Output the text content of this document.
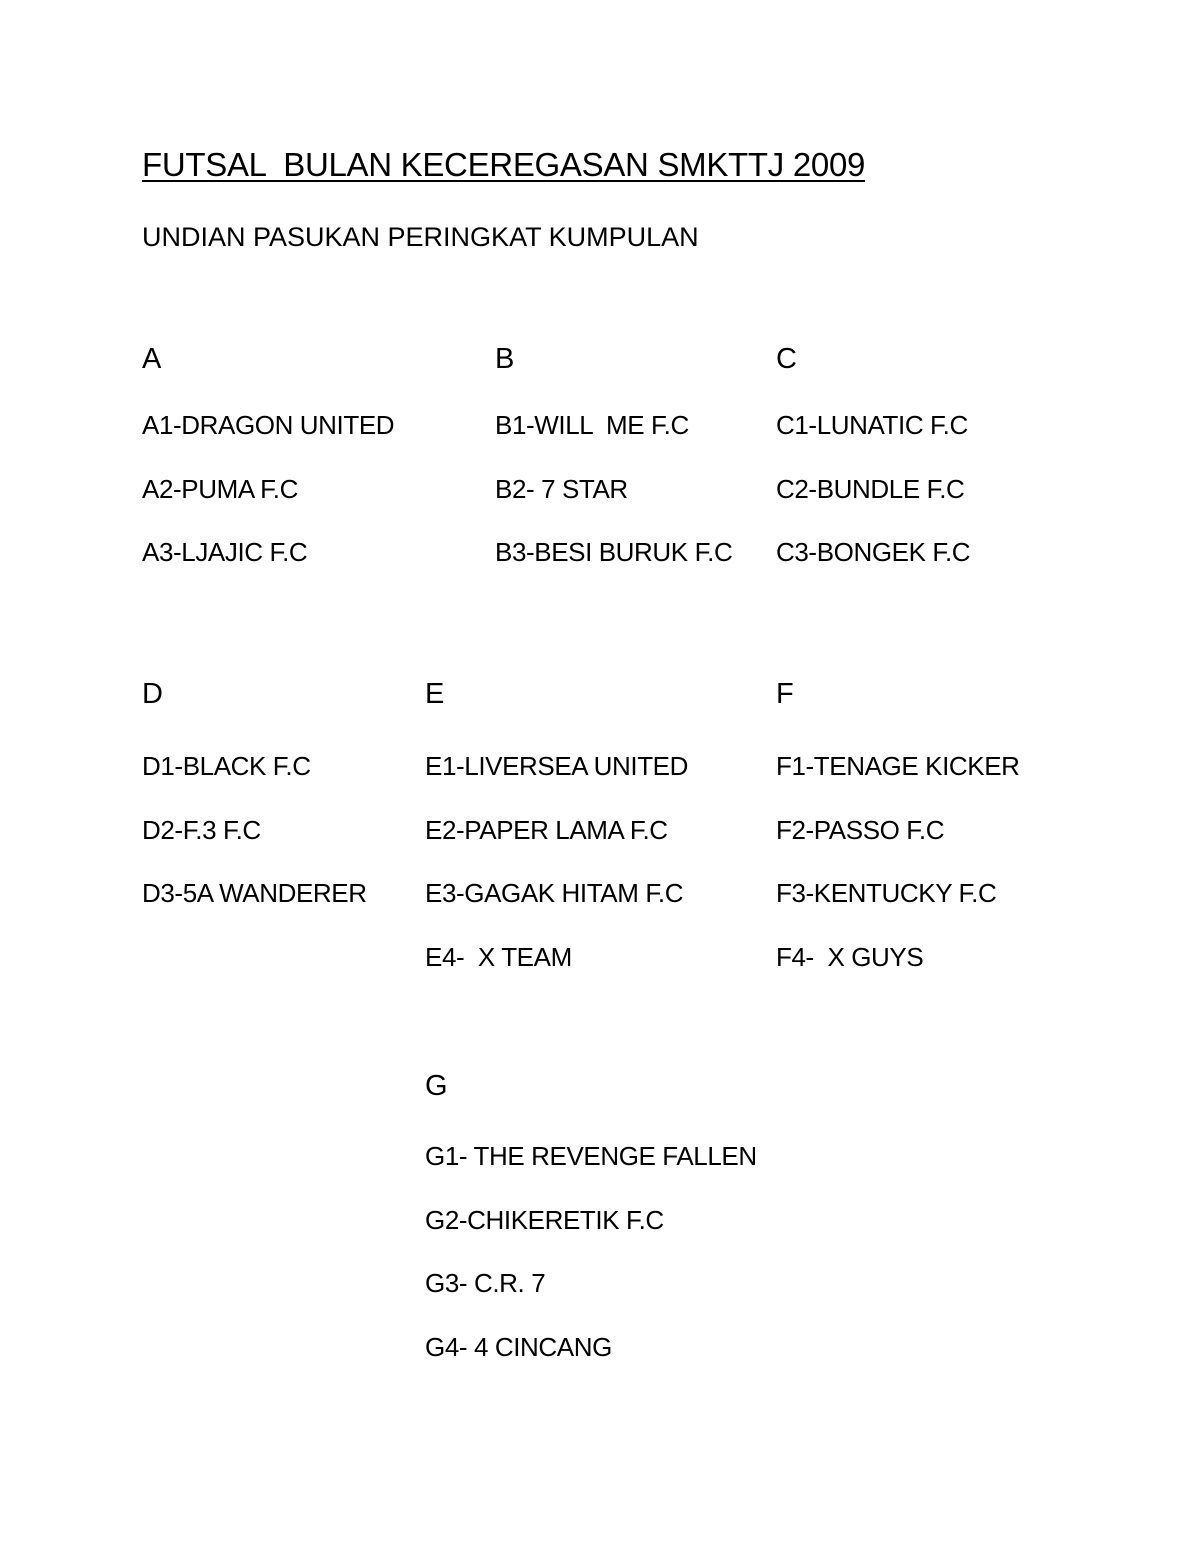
FUTSAL  BULAN KECEREGASAN SMKTTJ 2009
UNDIAN PASUKAN PERINGKAT KUMPULAN
A
A1-DRAGON UNITED
A2-PUMA F.C
A3-LJAJIC F.C
B
B1-WILL  ME F.C
B2- 7 STAR
B3-BESI BURUK F.C
C
C1-LUNATIC F.C
C2-BUNDLE F.C
C3-BONGEK F.C
D
D1-BLACK F.C
D2-F.3 F.C
D3-5A WANDERER
E
E1-LIVERSEA UNITED
E2-PAPER LAMA F.C
E3-GAGAK HITAM F.C
E4-  X TEAM
F
F1-TENAGE KICKER
F2-PASSO F.C
F3-KENTUCKY F.C
F4-  X GUYS
G
G1- THE REVENGE FALLEN
G2-CHIKERETIK F.C
G3- C.R. 7
G4- 4 CINCANG
